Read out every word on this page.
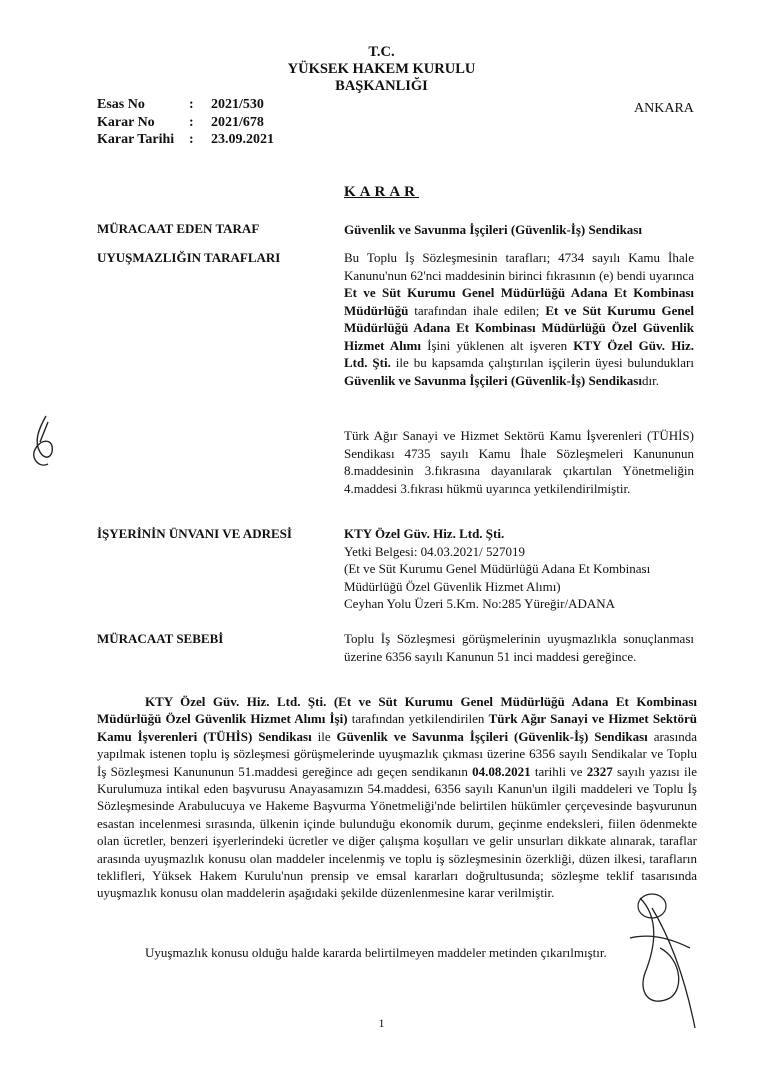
T.C.
YÜKSEK HAKEM KURULU
BAŞKANLIĞI
Esas No	:	2021/530
Karar No	:	2021/678
Karar Tarihi	:	23.09.2021
ANKARA
KARAR
MÜRACAAT EDEN TARAF	Güvenlik ve Savunma İşçileri (Güvenlik-İş) Sendikası
UYUŞMAZLIĞIN TARAFLARI	Bu Toplu İş Sözleşmesinin tarafları; 4734 sayılı Kamu İhale Kanunu'nun 62'nci maddesinin birinci fıkrasının (e) bendi uyarınca Et ve Süt Kurumu Genel Müdürlüğü Adana Et Kombinası Müdürlüğü tarafından ihale edilen; Et ve Süt Kurumu Genel Müdürlüğü Adana Et Kombinası Müdürlüğü Özel Güvenlik Hizmet Alımı İşini yüklenen alt işveren KTY Özel Güv. Hiz. Ltd. Şti. ile bu kapsamda çalıştırılan işçilerin üyesi bulundukları Güvenlik ve Savunma İşçileri (Güvenlik-İş) Sendikasıdır.
Türk Ağır Sanayi ve Hizmet Sektörü Kamu İşverenleri (TÜHİS) Sendikası 4735 sayılı Kamu İhale Sözleşmeleri Kanununun 8.maddesinin 3.fıkrasına dayanılarak çıkartılan Yönetmeliğin 4.maddesi 3.fıkrası hükmü uyarınca yetkilendirilmiştir.
İŞYERİNİN ÜNVANI VE ADRESİ	KTY Özel Güv. Hiz. Ltd. Şti.
Yetki Belgesi: 04.03.2021/ 527019
(Et ve Süt Kurumu Genel Müdürlüğü Adana Et Kombinası Müdürlüğü Özel Güvenlik Hizmet Alımı)
Ceyhan Yolu Üzeri 5.Km. No:285 Yüreğir/ADANA
MÜRACAAT SEBEBİ	Toplu İş Sözleşmesi görüşmelerinin uyuşmazlıkla sonuçlanması üzerine 6356 sayılı Kanunun 51 inci maddesi gereğince.
KTY Özel Güv. Hiz. Ltd. Şti. (Et ve Süt Kurumu Genel Müdürlüğü Adana Et Kombinası Müdürlüğü Özel Güvenlik Hizmet Alımı İşi) tarafından yetkilendirilen Türk Ağır Sanayi ve Hizmet Sektörü Kamu İşverenleri (TÜHİS) Sendikası ile Güvenlik ve Savunma İşçileri (Güvenlik-İş) Sendikası arasında yapılmak istenen toplu iş sözleşmesi görüşmelerinde uyuşmazlık çıkması üzerine 6356 sayılı Sendikalar ve Toplu İş Sözleşmesi Kanununun 51.maddesi gereğince adı geçen sendikanın 04.08.2021 tarihli ve 2327 sayılı yazısı ile Kurulumuza intikal eden başvurusu Anayasamızın 54.maddesi, 6356 sayılı Kanun'un ilgili maddeleri ve Toplu İş Sözleşmesinde Arabulucuya ve Hakeme Başvurma Yönetmeliği'nde belirtilen hükümler çerçevesinde başvurunun esastan incelenmesi sırasında, ülkenin içinde bulunduğu ekonomik durum, geçinme endeksleri, fiilen ödenmekte olan ücretler, benzeri işyerlerindeki ücretler ve diğer çalışma koşulları ve gelir unsurları dikkate alınarak, taraflar arasında uyuşmazlık konusu olan maddeler incelenmiş ve toplu iş sözleşmesinin özerkliği, düzen ilkesi, tarafların teklifleri, Yüksek Hakem Kurulu'nun prensip ve emsal kararları doğrultusunda; sözleşme teklif tasarısında uyuşmazlık konusu olan maddelerin aşağıdaki şekilde düzenlenmesine karar verilmiştir.
Uyuşmazlık konusu olduğu halde kararda belirtilmeyen maddeler metinden çıkarılmıştır.
1
